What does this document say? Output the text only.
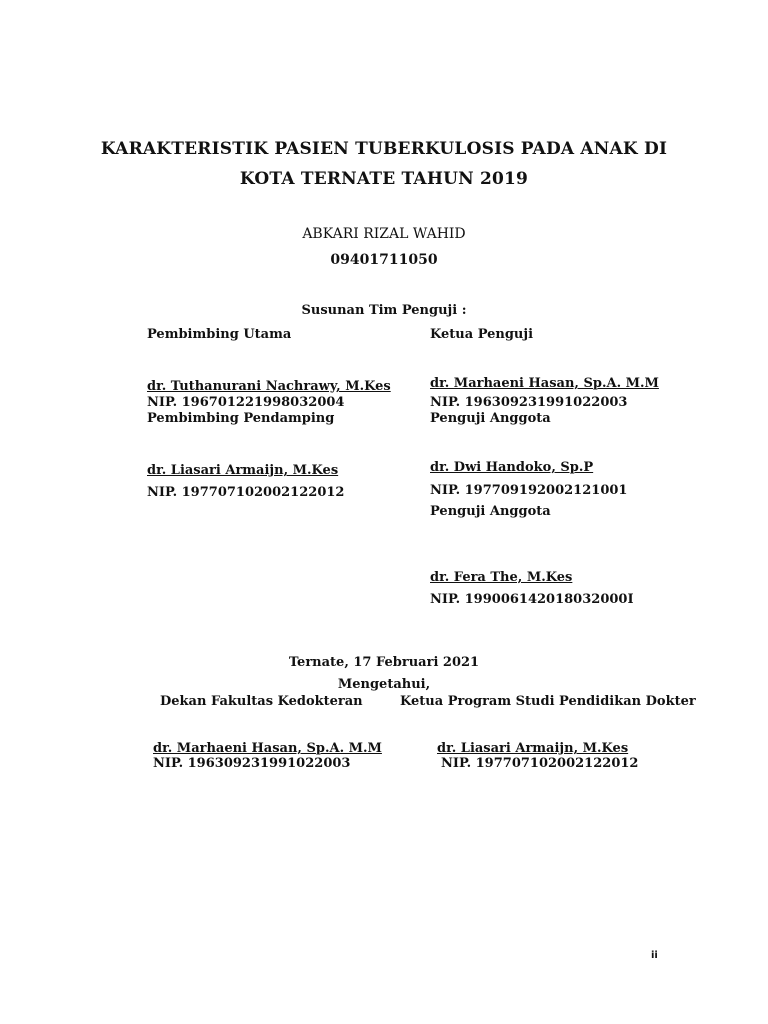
KARAKTERISTIK PASIEN TUBERKULOSIS PADA ANAK DI
KOTA TERNATE TAHUN 2019
ABKARI RIZAL WAHID
09401711050
Susunan Tim Penguji :
Pembimbing Utama
dr. Tuthanurani Nachrawy, M.Kes
NIP. 196701221998032004
Pembimbing Pendamping
dr. Liasari Armaijn, M.Kes
NIP. 197707102002122012
Ketua Penguji
dr. Marhaeni Hasan, Sp.A. M.M
NIP. 196309231991022003
Penguji Anggota
dr. Dwi Handoko, Sp.P
NIP. 197709192002121001
Penguji Anggota
dr. Fera The, M.Kes
NIP. 199006142018032000I
Ternate, 17 Februari 2021
Mengetahui,
Dekan Fakultas Kedokteran
dr. Marhaeni Hasan, Sp.A. M.M
NIP. 196309231991022003
Ketua Program Studi Pendidikan Dokter
dr. Liasari Armaijn, M.Kes
NIP. 197707102002122012
ii
